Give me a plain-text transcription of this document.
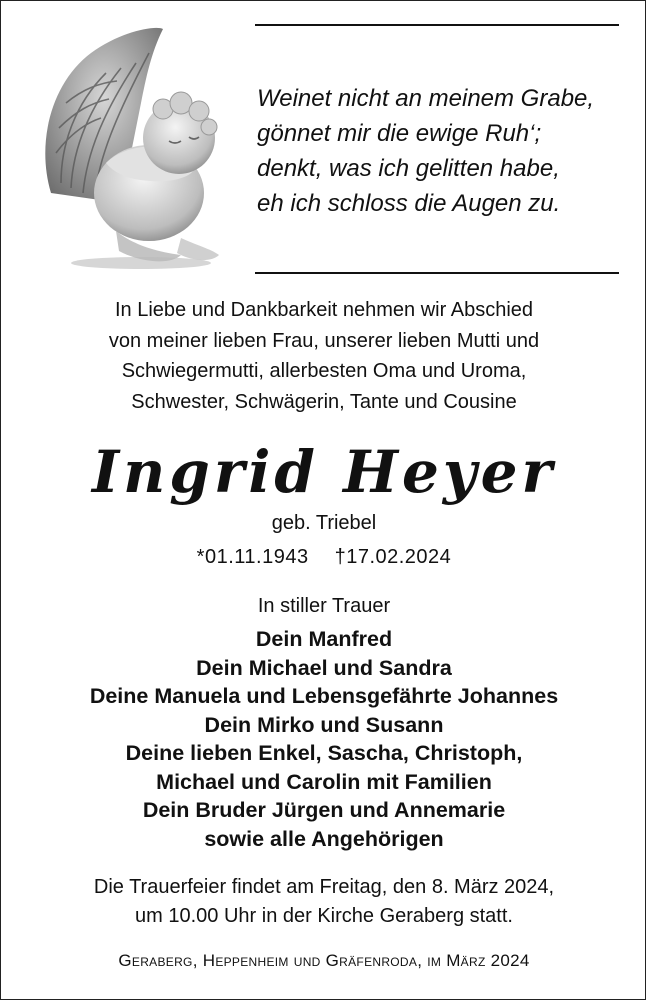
Weinet nicht an meinem Grabe,
gönnet mir die ewige Ruh‘;
denkt, was ich gelitten habe,
eh ich schloss die Augen zu.
In Liebe und Dankbarkeit nehmen wir Abschied
von meiner lieben Frau, unserer lieben Mutti und
Schwiegermutti, allerbesten Oma und Uroma,
Schwester, Schwägerin, Tante und Cousine
Ingrid Heyer
geb. Triebel
*01.11.1943 †17.02.2024
In stiller Trauer
Dein Manfred
Dein Michael und Sandra
Deine Manuela und Lebensgefährte Johannes
Dein Mirko und Susann
Deine lieben Enkel, Sascha, Christoph,
Michael und Carolin mit Familien
Dein Bruder Jürgen und Annemarie
sowie alle Angehörigen
Die Trauerfeier findet am Freitag, den 8. März 2024,
um 10.00 Uhr in der Kirche Geraberg statt.
Geraberg, Heppenheim und Gräfenroda, im März 2024
